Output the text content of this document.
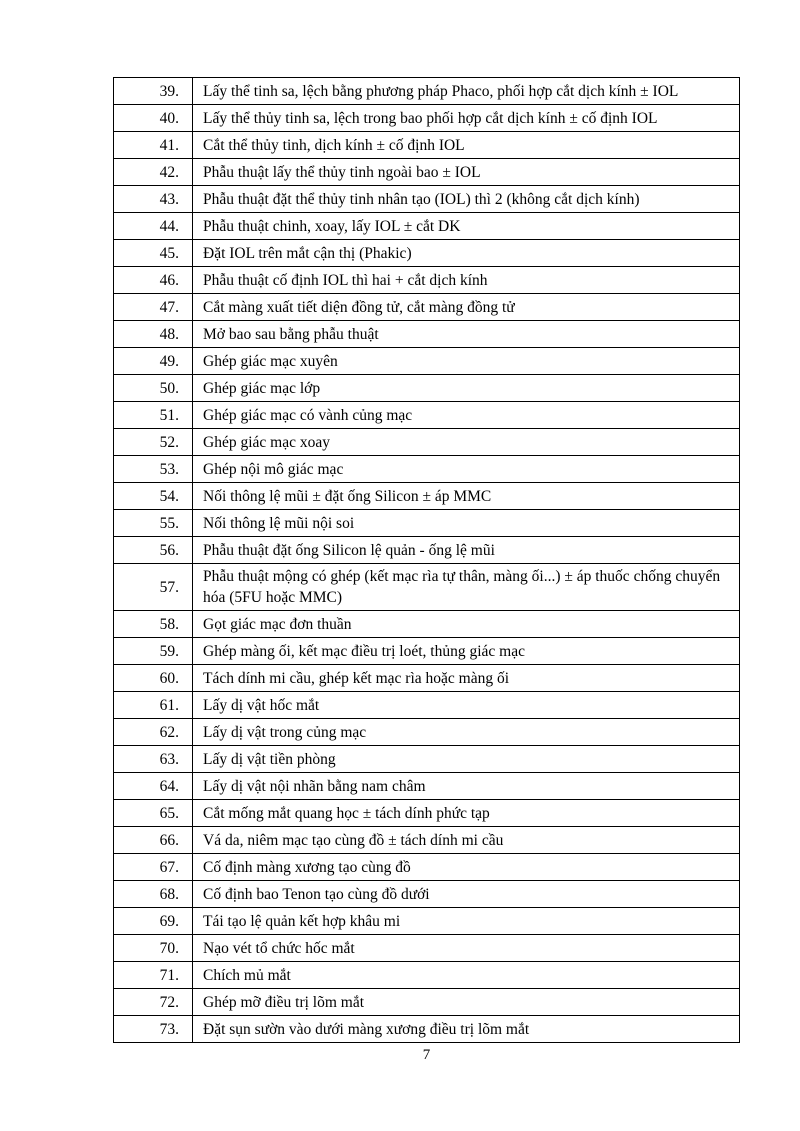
39.	Lấy thể tinh sa, lệch bằng phương pháp Phaco, phối hợp cắt dịch kính ± IOL
40.	Lấy thể thủy tinh sa, lệch trong bao phối hợp cắt dịch kính ± cố định IOL
41.	Cắt thể thủy tinh, dịch kính ± cố định IOL
42.	Phẫu thuật lấy thể thủy tinh ngoài bao ± IOL
43.	Phẫu thuật đặt thể thủy tinh nhân tạo (IOL) thì 2 (không cắt dịch kính)
44.	Phẫu thuật chinh, xoay, lấy IOL ± cắt DK
45.	Đặt IOL trên mắt cận thị (Phakic)
46.	Phẫu thuật cố định IOL thì hai + cắt dịch kính
47.	Cắt màng xuất tiết diện đồng tử, cắt màng đồng tử
48.	Mở bao sau bằng phẫu thuật
49.	Ghép giác mạc xuyên
50.	Ghép giác mạc lớp
51.	Ghép giác mạc có vành củng mạc
52.	Ghép giác mạc xoay
53.	Ghép nội mô giác mạc
54.	Nối thông lệ mũi ± đặt ống Silicon ± áp MMC
55.	Nối thông lệ mũi nội soi
56.	Phẫu thuật đặt ống Silicon lệ quản - ống lệ mũi
57.	Phẫu thuật mộng có ghép (kết mạc rìa tự thân, màng ối...) ± áp thuốc chống chuyển hóa (5FU hoặc MMC)
58.	Gọt giác mạc đơn thuần
59.	Ghép màng ối, kết mạc điều trị loét, thủng giác mạc
60.	Tách dính mi cầu, ghép kết mạc rìa hoặc màng ối
61.	Lấy dị vật hốc mắt
62.	Lấy dị vật trong củng mạc
63.	Lấy dị vật tiền phòng
64.	Lấy dị vật nội nhãn bằng nam châm
65.	Cắt mống mắt quang học ± tách dính phức tạp
66.	Vá da, niêm mạc tạo cùng đồ ± tách dính mi cầu
67.	Cố định màng xương tạo cùng đồ
68.	Cố định bao Tenon tạo cùng đồ dưới
69.	Tái tạo lệ quản kết hợp khâu mi
70.	Nạo vét tổ chức hốc mắt
71.	Chích mủ mắt
72.	Ghép mỡ điều trị lõm mắt
73.	Đặt sụn sườn vào dưới màng xương điều trị lõm mắt
7
